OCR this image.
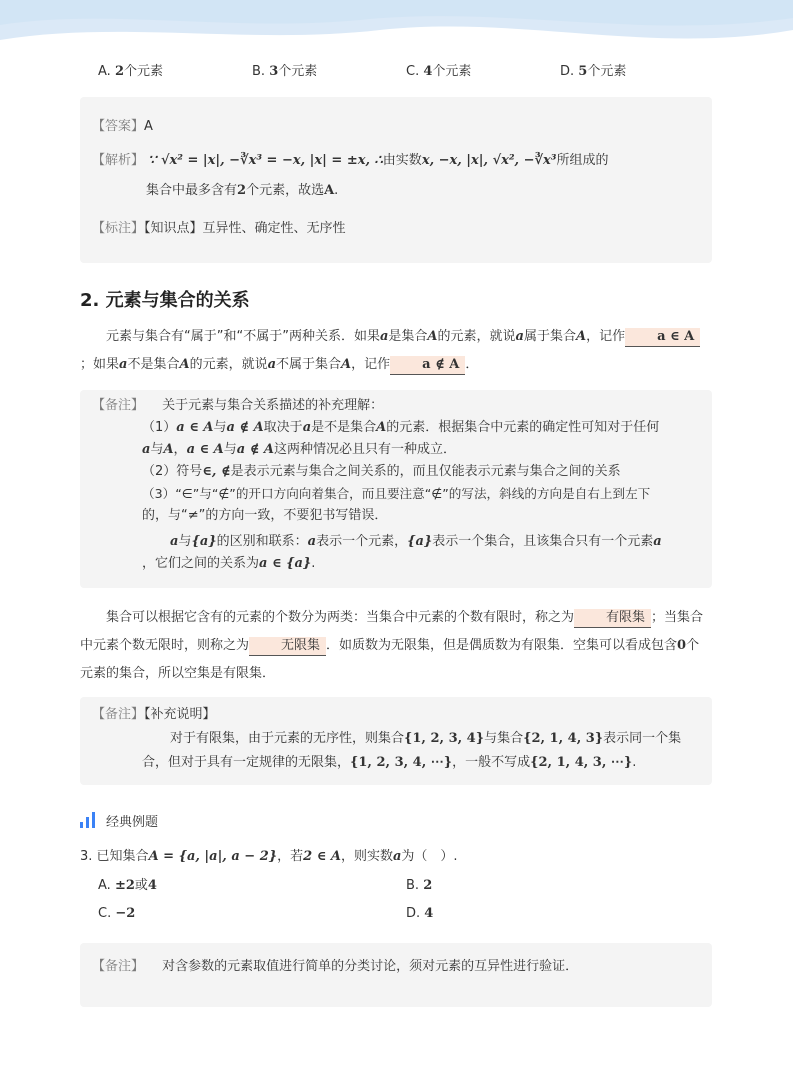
A. 2个元素	B. 3个元素	C. 4个元素	D. 5个元素
【答案】A
【解析】 ∵ √x² = |x|, −∛x³ = −x, |x| = ±x, ∴由实数x, −x, |x|, √x², −∛x³所组成的
集合中最多含有2个元素，故选A.
【标注】【知识点】互异性、确定性、无序性
2. 元素与集合的关系
元素与集合有“属于”和“不属于”两种关系．如果a是集合A的元素，就说a属于集合A，记作 a ∈ A；如果a不是集合A的元素，就说a不属于集合A，记作 a ∉ A ．
【备注】 关于元素与集合关系描述的补充理解：
（1）a ∈ A与a ∉ A取决于a是不是集合A的元素．根据集合中元素的确定性可知对于任何
a与A，a ∈ A与a ∉ A这两种情况必且只有一种成立．
（2）符号∈, ∉是表示元素与集合之间关系的，而且仅能表示元素与集合之间的关系
（3）“∈”与“∉”的开口方向向着集合，而且要注意“∉”的写法，斜线的方向是自右上到左下
的，与“≠”的方向一致，不要犯书写错误．
a与{a}的区别和联系：a表示一个元素，{a}表示一个集合，且该集合只有一个元素a
，它们之间的关系为a ∈ {a}.
集合可以根据它含有的元素的个数分为两类：当集合中元素的个数有限时，称之为 有限集 ；当集合中元素个数无限时，则称之为 无限集 ．如质数为无限集，但是偶质数为有限集．空集可以看成包含0个元素的集合，所以空集是有限集．
【备注】【补充说明】
对于有限集，由于元素的无序性，则集合{1, 2, 3, 4}与集合{2, 1, 4, 3}表示同一个集
合，但对于具有一定规律的无限集，{1, 2, 3, 4, ⋯}，一般不写成{2, 1, 4, 3, ⋯}.
经典例题
3. 已知集合A = {a, |a|, a − 2}，若2 ∈ A，则实数a为（　）.
A. ±2或4	B. 2
C. −2	D. 4
【备注】 对含参数的元素取值进行简单的分类讨论，须对元素的互异性进行验证．
